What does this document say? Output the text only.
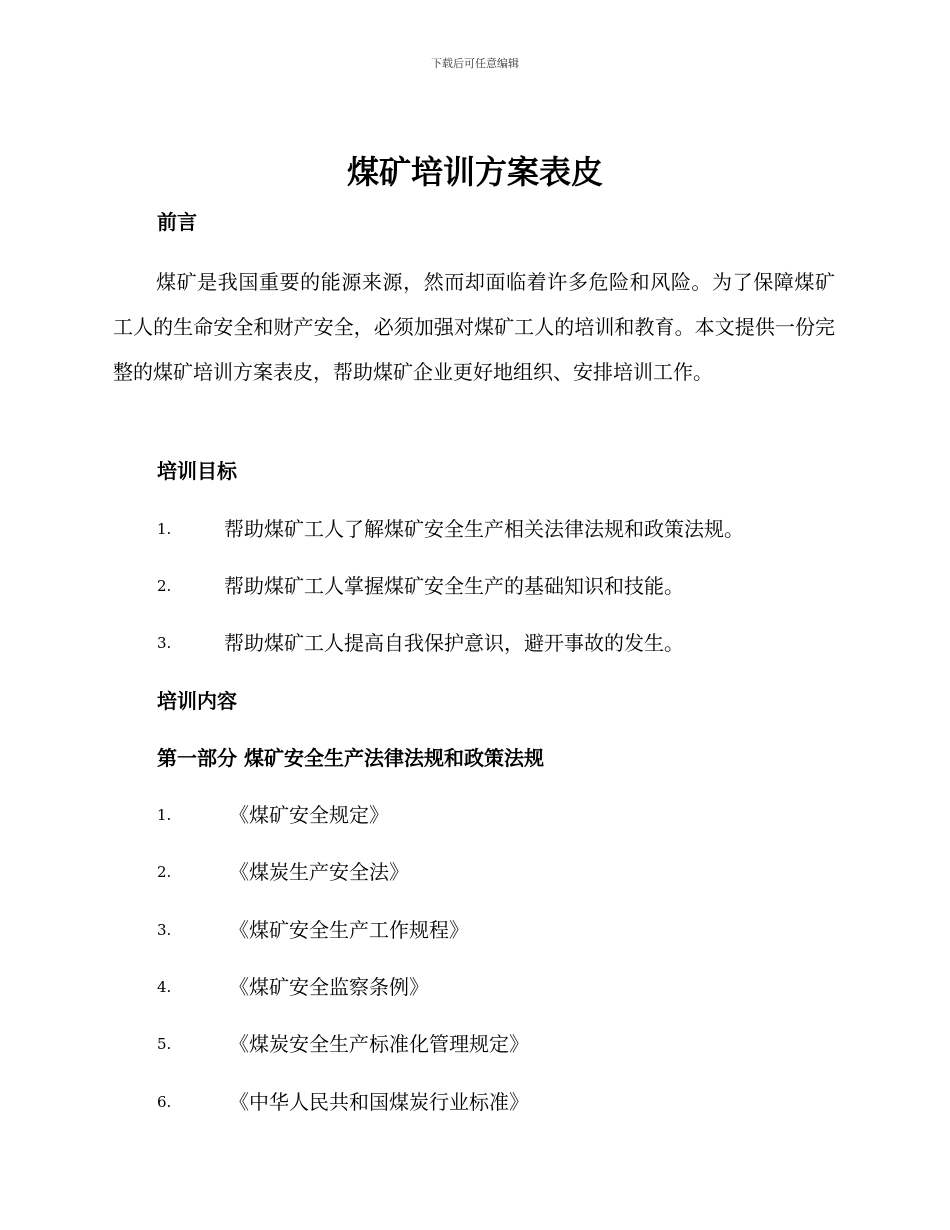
下载后可任意编辑
煤矿培训方案表皮
前言

煤矿是我国重要的能源来源，然而却面临着许多危险和风险。为了保障煤矿工人的生命安全和财产安全，必须加强对煤矿工人的培训和教育。本文提供一份完整的煤矿培训方案表皮，帮助煤矿企业更好地组织、安排培训工作。

培训目标
1.	帮助煤矿工人了解煤矿安全生产相关法律法规和政策法规。
2.	帮助煤矿工人掌握煤矿安全生产的基础知识和技能。
3.	帮助煤矿工人提高自我保护意识，避开事故的发生。
培训内容
第一部分 煤矿安全生产法律法规和政策法规
1.	《煤矿安全规定》
2.	《煤炭生产安全法》
3.	《煤矿安全生产工作规程》
4.	《煤矿安全监察条例》
5.	《煤炭安全生产标准化管理规定》
6.	《中华人民共和国煤炭行业标准》
